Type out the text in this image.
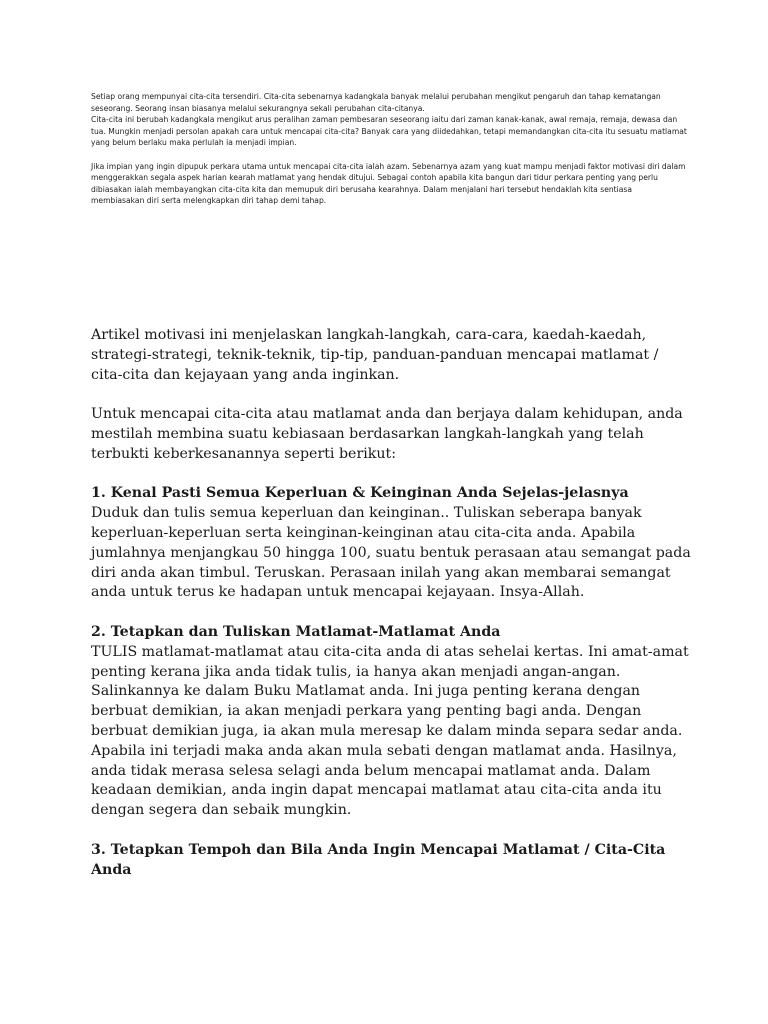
Setiap orang mempunyai cita-cita tersendiri. Cita-cita sebenarnya kadangkala banyak melalui perubahan mengikut pengaruh dan tahap kematangan seseorang. Seorang insan biasanya melalui sekurangnya sekali perubahan cita-citanya.

Cita-cita ini berubah kadangkala mengikut arus peralihan zaman pembesaran seseorang iaitu dari zaman kanak-kanak, awal remaja, remaja, dewasa dan tua. Mungkin menjadi persolan apakah cara untuk mencapai cita-cita? Banyak cara yang diidedahkan, tetapi memandangkan cita-cita itu sesuatu matlamat yang belum berlaku maka perlulah ia menjadi impian.

Jika impian yang ingin dipupuk perkara utama untuk mencapai cita-cita ialah azam. Sebenarnya azam yang kuat mampu menjadi faktor motivasi diri dalam menggerakkan segala aspek harian kearah matlamat yang hendak ditujui. Sebagai contoh apabila kita bangun dari tidur perkara penting yang perlu dibiasakan ialah membayangkan cita-cita kita dan memupuk diri berusaha kearahnya. Dalam menjalani hari tersebut hendaklah kita sentiasa membiasakan diri serta melengkapkan diri tahap demi tahap.

Artikel motivasi ini menjelaskan langkah-langkah, cara-cara, kaedah-kaedah, strategi-strategi, teknik-teknik, tip-tip, panduan-panduan mencapai matlamat / cita-cita dan kejayaan yang anda inginkan.

Untuk mencapai cita-cita atau matlamat anda dan berjaya dalam kehidupan, anda mestilah membina suatu kebiasaan berdasarkan langkah-langkah yang telah terbukti keberkesanannya seperti berikut:

1. Kenal Pasti Semua Keperluan & Keinginan Anda Sejelas-jelasnya

Duduk dan tulis semua keperluan dan keinginan.. Tuliskan seberapa banyak keperluan-keperluan serta keinginan-keinginan atau cita-cita anda. Apabila jumlahnya menjangkau 50 hingga 100, suatu bentuk perasaan atau semangat pada diri anda akan timbul. Teruskan. Perasaan inilah yang akan membarai semangat anda untuk terus ke hadapan untuk mencapai kejayaan. Insya-Allah.

2. Tetapkan dan Tuliskan Matlamat-Matlamat Anda

TULIS matlamat-matlamat atau cita-cita anda di atas sehelai kertas. Ini amat-amat penting kerana jika anda tidak tulis, ia hanya akan menjadi angan-angan. Salinkannya ke dalam Buku Matlamat anda. Ini juga penting kerana dengan berbuat demikian, ia akan menjadi perkara yang penting bagi anda. Dengan berbuat demikian juga, ia akan mula meresap ke dalam minda separa sedar anda. Apabila ini terjadi maka anda akan mula sebati dengan matlamat anda. Hasilnya, anda tidak merasa selesa selagi anda belum mencapai matlamat anda. Dalam keadaan demikian, anda ingin dapat mencapai matlamat atau cita-cita anda itu dengan segera dan sebaik mungkin.

3. Tetapkan Tempoh dan Bila Anda Ingin Mencapai Matlamat / Cita-Cita Anda
